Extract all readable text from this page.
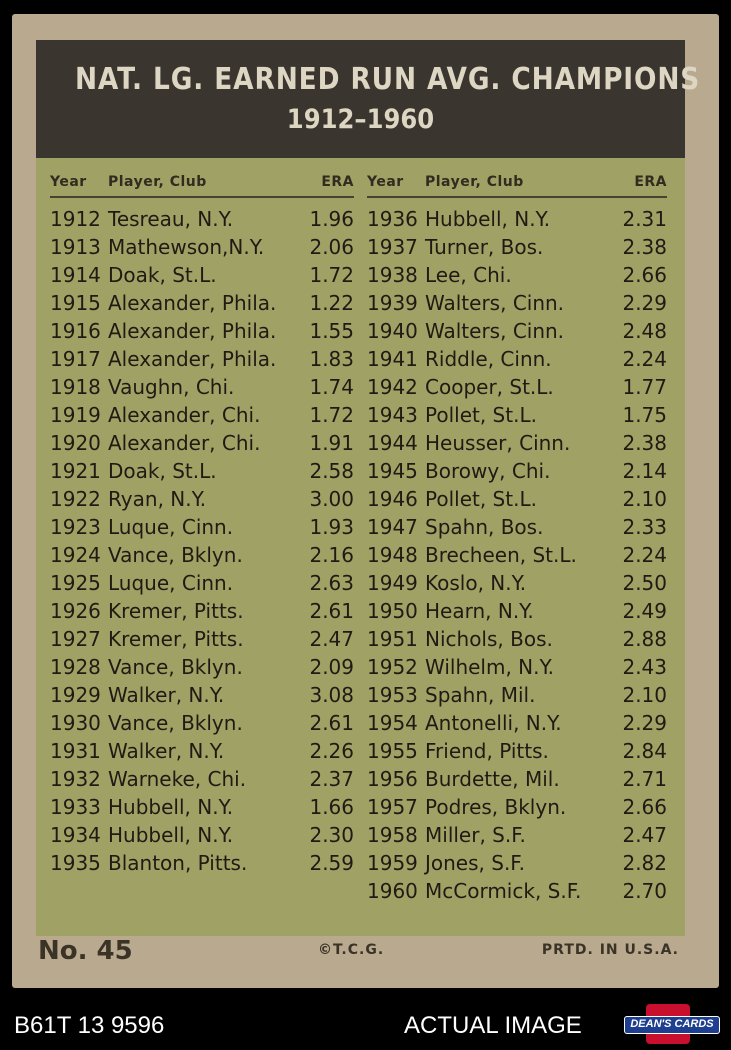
NAT. LG. EARNED RUN AVG. CHAMPIONS
1912–1960
Year Player, Club	ERA
1912 Tesreau, N.Y.	1.96
1913 Mathewson,N.Y. 2.06
1914 Doak, St.L.	1.72
1915 Alexander, Phila. 1.22
1916 Alexander, Phila. 1.55
1917 Alexander, Phila. 1.83
1918 Vaughn, Chi.	1.74
1919 Alexander, Chi. 1.72
1920 Alexander, Chi. 1.91
1921 Doak, St.L.	2.58
1922 Ryan, N.Y.	3.00
1923 Luque, Cinn.	1.93
1924 Vance, Bklyn.	2.16
1925 Luque, Cinn.	2.63
1926 Kremer, Pitts.	2.61
1927 Kremer, Pitts.	2.47
1928 Vance, Bklyn.	2.09
1929 Walker, N.Y.	3.08
1930 Vance, Bklyn.	2.61
1931 Walker, N.Y.	2.26
1932 Warneke, Chi.	2.37
1933 Hubbell, N.Y.	1.66
1934 Hubbell, N.Y.	2.30
1935 Blanton, Pitts.	2.59
Year Player, Club	ERA
1936 Hubbell, N.Y.	2.31
1937 Turner, Bos.	2.38
1938 Lee, Chi.	2.66
1939 Walters, Cinn.	2.29
1940 Walters, Cinn.	2.48
1941 Riddle, Cinn.	2.24
1942 Cooper, St.L.	1.77
1943 Pollet, St.L.	1.75
1944 Heusser, Cinn.	2.38
1945 Borowy, Chi.	2.14
1946 Pollet, St.L.	2.10
1947 Spahn, Bos.	2.33
1948 Brecheen, St.L. 2.24
1949 Koslo, N.Y.	2.50
1950 Hearn, N.Y.	2.49
1951 Nichols, Bos.	2.88
1952 Wilhelm, N.Y.	2.43
1953 Spahn, Mil.	2.10
1954 Antonelli, N.Y.	2.29
1955 Friend, Pitts.	2.84
1956 Burdette, Mil.	2.71
1957 Podres, Bklyn.	2.66
1958 Miller, S.F.	2.47
1959 Jones, S.F.	2.82
1960 McCormick, S.F. 2.70
No. 45	©T.C.G.	PRTD. IN U.S.A.
B61T 13 9596	ACTUAL IMAGE	DEAN'S CARDS
